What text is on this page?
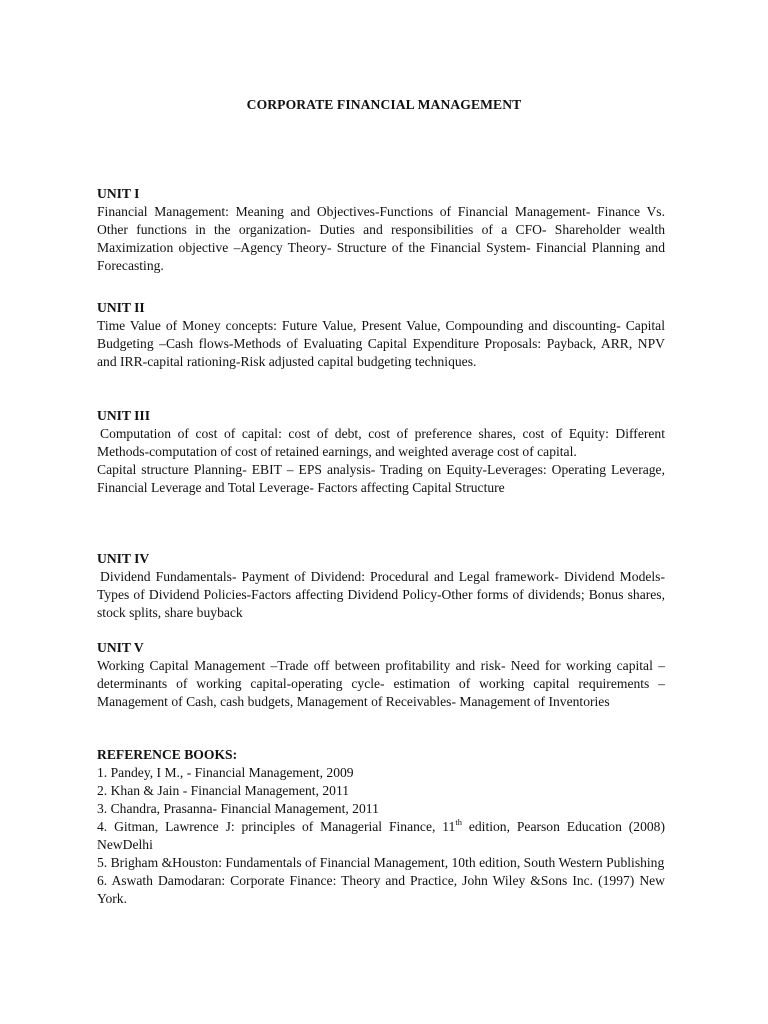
CORPORATE FINANCIAL MANAGEMENT

UNIT I

Financial Management: Meaning and Objectives-Functions of Financial Management- Finance Vs. Other functions in the organization- Duties and responsibilities of a CFO- Shareholder wealth Maximization objective –Agency Theory- Structure of the Financial System- Financial Planning and Forecasting.

UNIT II

Time Value of Money concepts: Future Value, Present Value, Compounding and discounting- Capital Budgeting –Cash flows-Methods of Evaluating Capital Expenditure Proposals: Payback, ARR, NPV and IRR-capital rationing-Risk adjusted capital budgeting techniques.

UNIT III

Computation of cost of capital: cost of debt, cost of preference shares, cost of Equity: Different Methods-computation of cost of retained earnings, and weighted average cost of capital.

Capital structure Planning- EBIT – EPS analysis- Trading on Equity-Leverages: Operating Leverage, Financial Leverage and Total Leverage- Factors affecting Capital Structure

UNIT IV

Dividend Fundamentals- Payment of Dividend: Procedural and Legal framework- Dividend Models-Types of Dividend Policies-Factors affecting Dividend Policy-Other forms of dividends; Bonus shares, stock splits, share buyback

UNIT V

Working Capital Management –Trade off between profitability and risk- Need for working capital – determinants of working capital-operating cycle- estimation of working capital requirements – Management of Cash, cash budgets, Management of Receivables- Management of Inventories

REFERENCE BOOKS:

1. Pandey, I M., - Financial Management, 2009
2. Khan & Jain - Financial Management, 2011
3. Chandra, Prasanna- Financial Management, 2011
4. Gitman, Lawrence J: principles of Managerial Finance, 11th edition, Pearson Education (2008) NewDelhi
5. Brigham &Houston: Fundamentals of Financial Management, 10th edition, South Western Publishing
6. Aswath Damodaran: Corporate Finance: Theory and Practice, John Wiley &Sons Inc. (1997) New York.
